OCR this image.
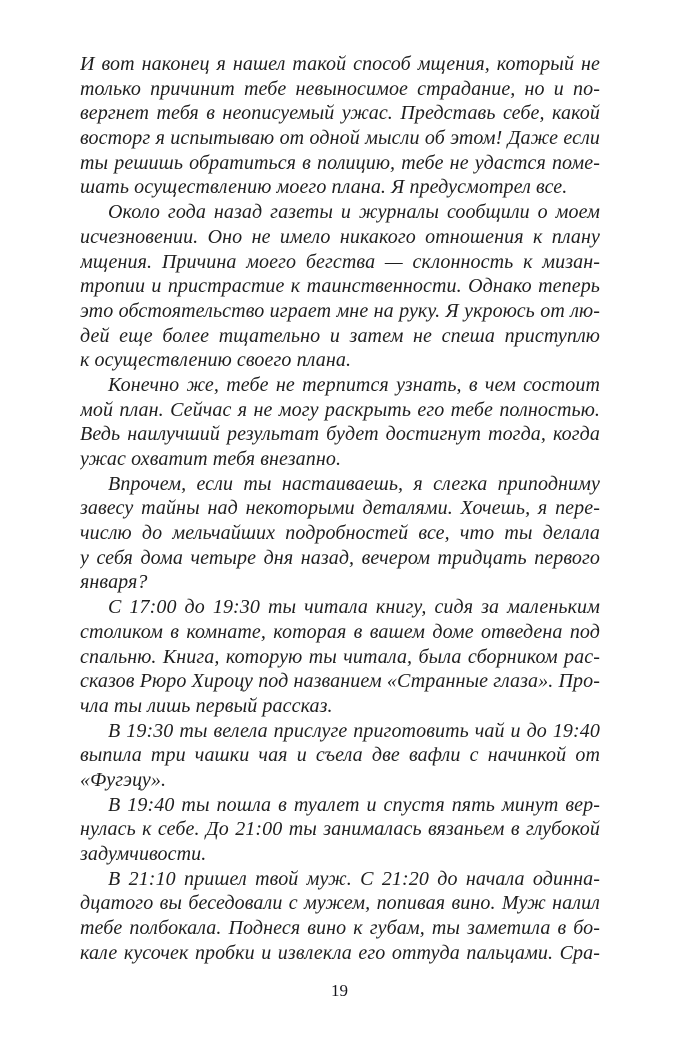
И вот наконец я нашел такой способ мщения, который не
только причинит тебе невыносимое страдание, но и по-
вергнет тебя в неописуемый ужас. Представь себе, какой
восторг я испытываю от одной мысли об этом! Даже если
ты решишь обратиться в полицию, тебе не удастся поме-
шать осуществлению моего плана. Я предусмотрел все.
Около года назад газеты и журналы сообщили о моем
исчезновении. Оно не имело никакого отношения к плану
мщения. Причина моего бегства — склонность к мизан-
тропии и пристрастие к таинственности. Однако теперь
это обстоятельство играет мне на руку. Я укроюсь от лю-
дей еще более тщательно и затем не спеша приступлю
к осуществлению своего плана.
Конечно же, тебе не терпится узнать, в чем состоит
мой план. Сейчас я не могу раскрыть его тебе полностью.
Ведь наилучший результат будет достигнут тогда, когда
ужас охватит тебя внезапно.
Впрочем, если ты настаиваешь, я слегка приподниму
завесу тайны над некоторыми деталями. Хочешь, я пере-
числю до мельчайших подробностей все, что ты делала
у себя дома четыре дня назад, вечером тридцать первого
января?
С 17:00 до 19:30 ты читала книгу, сидя за маленьким
столиком в комнате, которая в вашем доме отведена под
спальню. Книга, которую ты читала, была сборником рас-
сказов Рюро Хироцу под названием «Странные глаза». Про-
чла ты лишь первый рассказ.
В 19:30 ты велела прислуге приготовить чай и до 19:40
выпила три чашки чая и съела две вафли с начинкой от
«Фугэцу».
В 19:40 ты пошла в туалет и спустя пять минут вер-
нулась к себе. До 21:00 ты занималась вязаньем в глубокой
задумчивости.
В 21:10 пришел твой муж. С 21:20 до начала одинна-
дцатого вы беседовали с мужем, попивая вино. Муж налил
тебе полбокала. Поднеся вино к губам, ты заметила в бо-
кале кусочек пробки и извлекла его оттуда пальцами. Сра-
19
